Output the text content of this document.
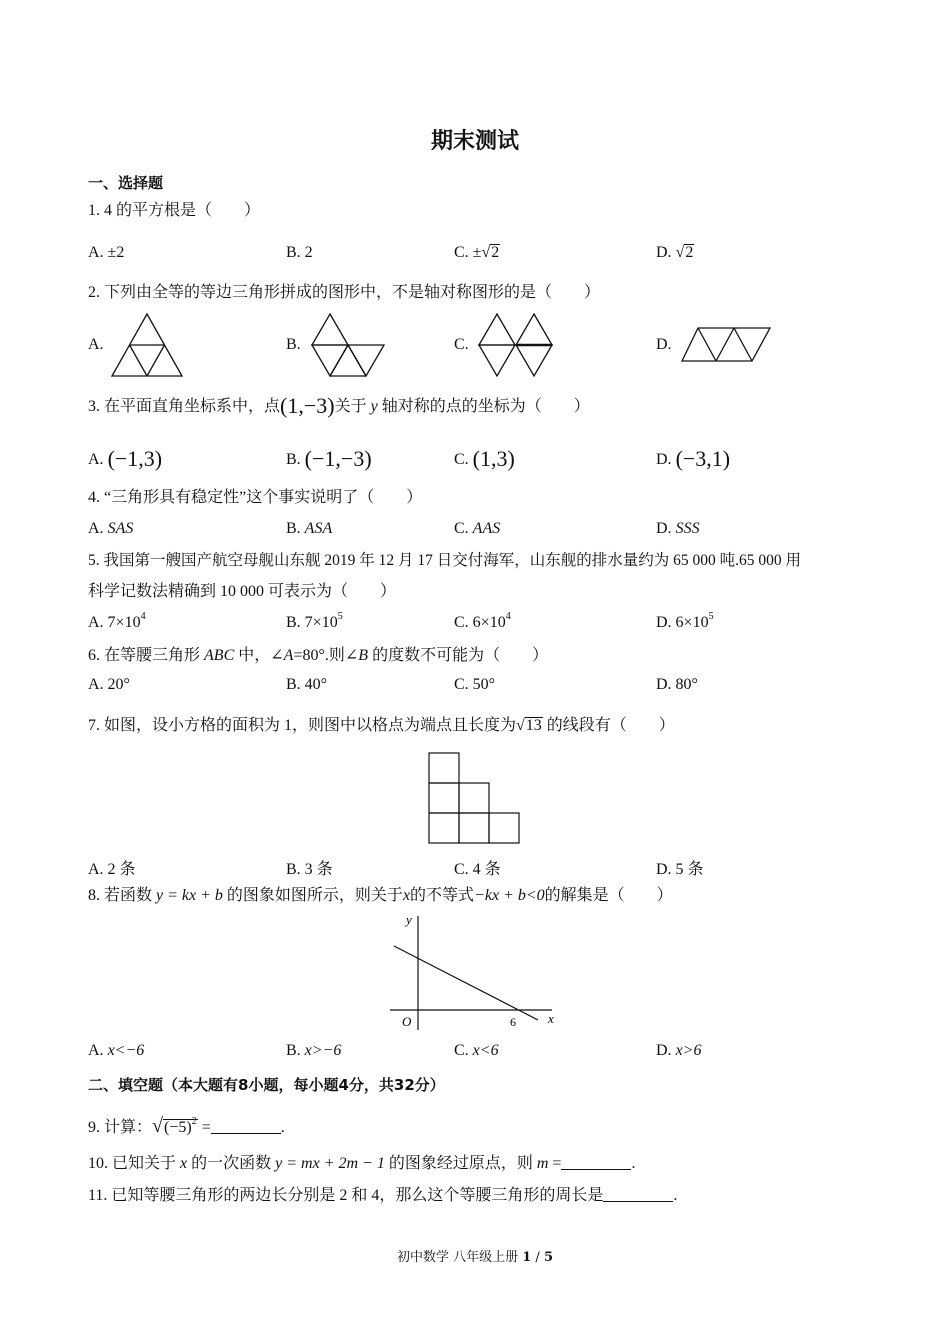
期末测试
一、选择题
1. 4 的平方根是（　　）
A. ±2	B. 2	C. ±√2	D. √2
2. 下列由全等的等边三角形拼成的图形中，不是轴对称图形的是（　　）
A.	B.	C.	D.
3. 在平面直角坐标系中，点(1,−3)关于 y 轴对称的点的坐标为（　　）
A. (−1,3)	B. (−1,−3)	C. (1,3)	D. (−3,1)
4. “三角形具有稳定性”这个事实说明了（　　）
A. SAS	B. ASA	C. AAS	D. SSS
5. 我国第一艘国产航空母舰山东舰 2019 年 12 月 17 日交付海军，山东舰的排水量约为 65 000 吨.65 000 用
科学记数法精确到 10 000 可表示为（　　）
A. $7\times 10^4$	B. $7\times 10^5$	C. $6\times 10^4$	D. $6\times 10^5$
6. 在等腰三角形 ABC 中，∠A=80°.则∠B 的度数不可能为（　　）
A. 20°	B. 40°	C. 50°	D. 80°
7. 如图，设小方格的面积为 1，则图中以格点为端点且长度为√13 的线段有（　　）
A. 2 条	B. 3 条	C. 4 条	D. 5 条
8. 若函数 y = kx + b 的图象如图所示，则关于x的不等式−kx + b<0的解集是（　　）
y
x
O	6
A. x<−6	B. x>−6	C. x<6	D. x>6
二、填空题（本大题有8小题，每小题4分，共32分）
9. 计算：$√(-5)^2$ =	.
10. 已知关于 x 的一次函数 y = mx + 2m − 1 的图象经过原点，则 m =	.
11. 已知等腰三角形的两边长分别是 2 和 4，那么这个等腰三角形的周长是	.
初中数学 八年级上册 1 / 5
